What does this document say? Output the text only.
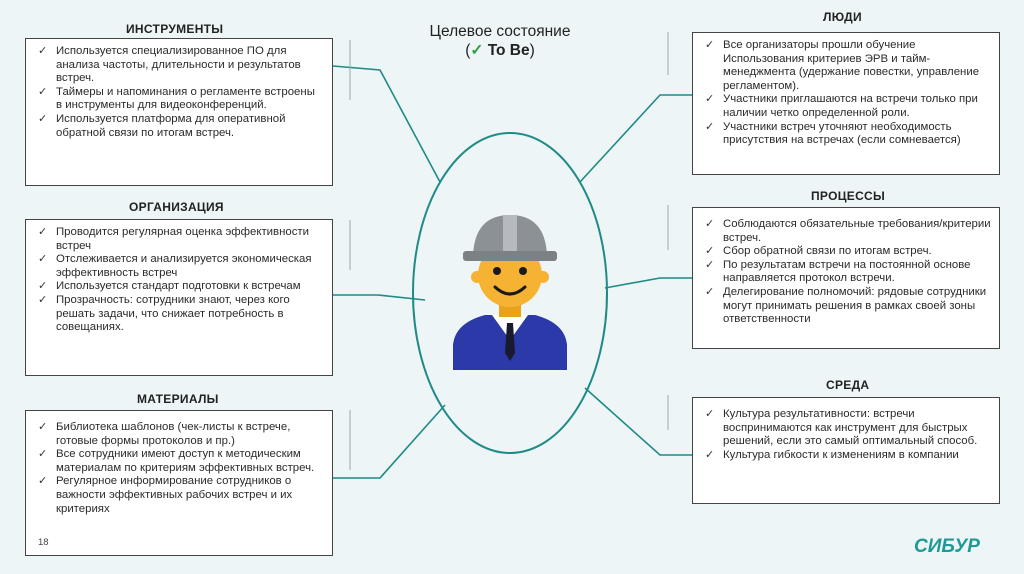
Целевое состояние
(✓ To Be)
ИНСТРУМЕНТЫ
✓ Используется специализированное ПО для анализа частоты, длительности и результатов встреч.
✓ Таймеры и напоминания о регламенте встроены в инструменты для видеоконференций.
✓ Используется платформа для оперативной обратной связи по итогам встреч.
ОРГАНИЗАЦИЯ
✓ Проводится регулярная оценка эффективности встреч
✓ Отслеживается и анализируется экономическая эффективность встреч
✓ Используется стандарт подготовки к встречам
✓ Прозрачность: сотрудники знают, через кого решать задачи, что снижает потребность в совещаниях.
МАТЕРИАЛЫ
✓ Библиотека шаблонов (чек-листы к встрече, готовые формы протоколов и пр.)
✓ Все сотрудники имеют доступ к методическим материалам по критериям эффективных встреч.
✓ Регулярное информирование сотрудников о важности эффективных рабочих встреч и их критериях
ЛЮДИ
✓ Все организаторы прошли обучение Использования критериев ЭРВ и тайм-менеджмента (удержание повестки, управление регламентом).
✓ Участники приглашаются на встречи только при наличии четко определенной роли.
✓ Участники встреч уточняют необходимость присутствия на встречах (если сомневается)
ПРОЦЕССЫ
✓ Соблюдаются обязательные требования/критерии встреч.
✓ Сбор обратной связи по итогам встреч.
✓ По результатам встречи на постоянной основе направляется протокол встречи.
✓ Делегирование полномочий: рядовые сотрудники могут принимать решения в рамках своей зоны ответственности
СРЕДА
✓ Культура результативности: встречи воспринимаются как инструмент для быстрых решений, если это самый оптимальный способ.
✓ Культура гибкости к изменениям в компании
18	СИБУР
